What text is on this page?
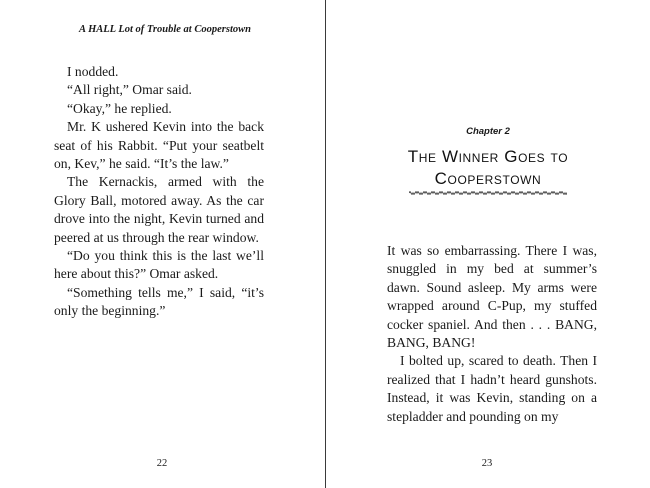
A HALL Lot of Trouble at Cooperstown

I nodded.

“All right,” Omar said.

“Okay,” he replied.

Mr. K ushered Kevin into the back seat of his Rabbit. “Put your seatbelt on, Kev,” he said. “It’s the law.”

The Kernackis, armed with the Glory Ball, motored away. As the car drove into the night, Kevin turned and peered at us through the rear window.

“Do you think this is the last we’ll here about this?” Omar asked.

“Something tells me,” I said, “it’s only the beginning.”

22
Chapter 2
The Winner Goes to
Cooperstown

It was so embarrassing. There I was, snuggled in my bed at summer’s dawn. Sound asleep. My arms were wrapped around C-Pup, my stuffed cocker spaniel. And then . . . BANG, BANG, BANG!

I bolted up, scared to death. Then I realized that I hadn’t heard gunshots. Instead, it was Kevin, standing on a stepladder and pounding on my

23
